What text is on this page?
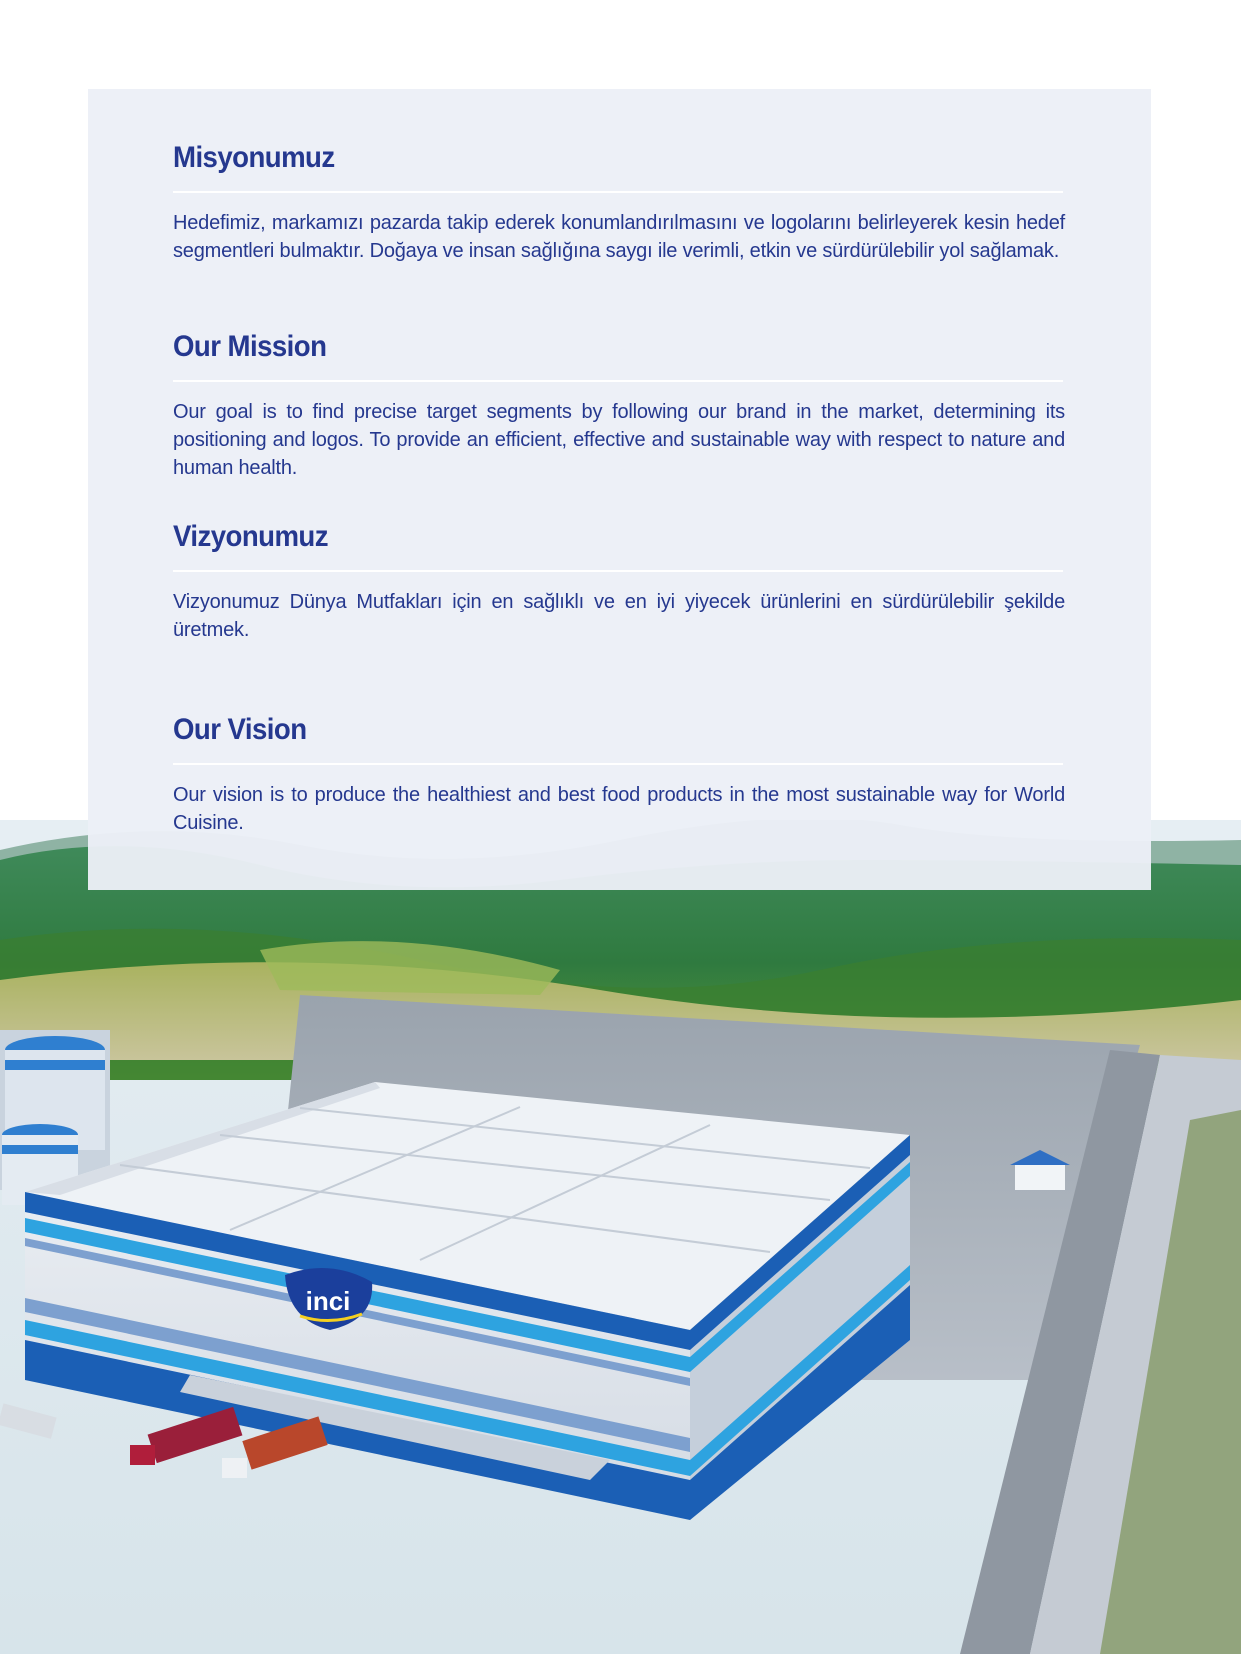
inci
Misyonumuz

Hedefimiz, markamızı pazarda takip ederek konumlandırılmasını ve logolarını belirleyerek kesin hedef segmentleri bulmaktır. Doğaya ve insan sağlığına saygı ile verimli, etkin ve sürdürülebilir yol sağlamak.

Our Mission

Our goal is to find precise target segments by following our brand in the market, determining its positioning and logos. To provide an efficient, effective and sustainable way with respect to nature and human health.

Vizyonumuz

Vizyonumuz Dünya Mutfakları için en sağlıklı ve en iyi yiyecek ürünlerini en sürdürülebilir şekilde üretmek.

Our Vision

Our vision is to produce the healthiest and best food products in the most sustainable way for World Cuisine.
